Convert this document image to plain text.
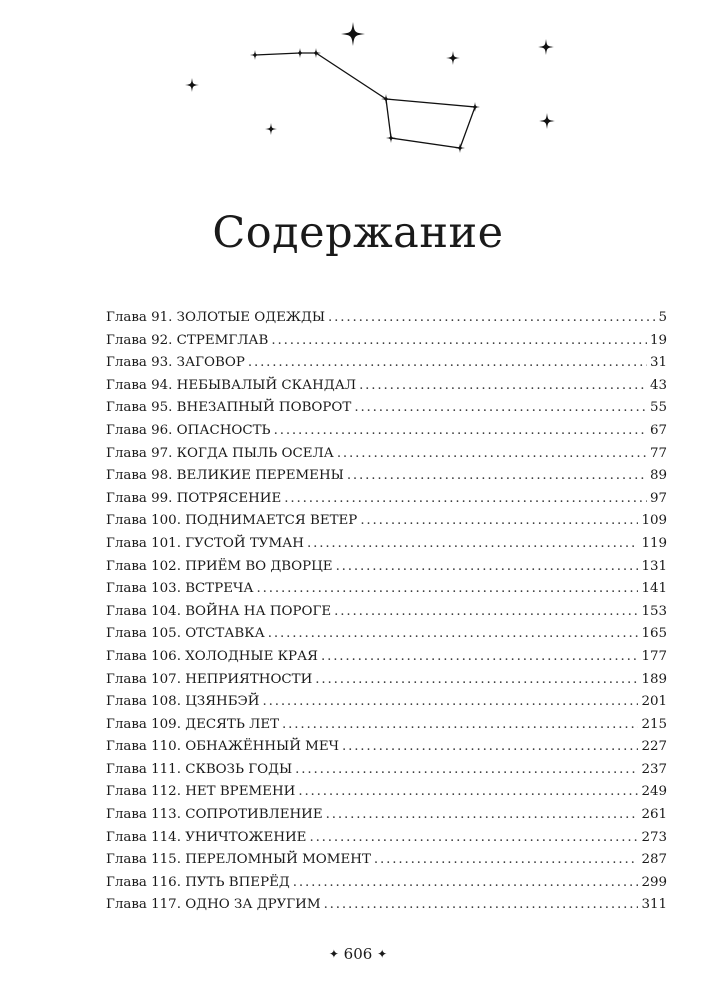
Содержание
Глава 91. ЗОЛОТЫЕ ОДЕЖДЫ . . .	5
Глава 92. СТРЕМГЛАВ . . .	19
Глава 93. ЗАГОВОР . . .	31
Глава 94. НЕБЫВАЛЫЙ СКАНДАЛ . . .	43
Глава 95. ВНЕЗАПНЫЙ ПОВОРОТ . . .	55
Глава 96. ОПАСНОСТЬ . . .	67
Глава 97. КОГДА ПЫЛЬ ОСЕЛА . . .	77
Глава 98. ВЕЛИКИЕ ПЕРЕМЕНЫ . . .	89
Глава 99. ПОТРЯСЕНИЕ . . .	97
Глава 100. ПОДНИМАЕТСЯ ВЕТЕР . . .	109
Глава 101. ГУСТОЙ ТУМАН . . .	119
Глава 102. ПРИЁМ ВО ДВОРЦЕ . . .	131
Глава 103. ВСТРЕЧА . . .	141
Глава 104. ВОЙНА НА ПОРОГЕ . . .	153
Глава 105. ОТСТАВКА . . .	165
Глава 106. ХОЛОДНЫЕ КРАЯ . . .	177
Глава 107. НЕПРИЯТНОСТИ . . .	189
Глава 108. ЦЗЯНБЭЙ . . .	201
Глава 109. ДЕСЯТЬ ЛЕТ . . .	215
Глава 110. ОБНАЖЁННЫЙ МЕЧ . . .	227
Глава 111. СКВОЗЬ ГОДЫ . . .	237
Глава 112. НЕТ ВРЕМЕНИ . . .	249
Глава 113. СОПРОТИВЛЕНИЕ . . .	261
Глава 114. УНИЧТОЖЕНИЕ . . .	273
Глава 115. ПЕРЕЛОМНЫЙ МОМЕНТ . . .	287
Глава 116. ПУТЬ ВПЕРЁД . . .	299
Глава 117. ОДНО ЗА ДРУГИМ . . .	311
✦ 606 ✦
